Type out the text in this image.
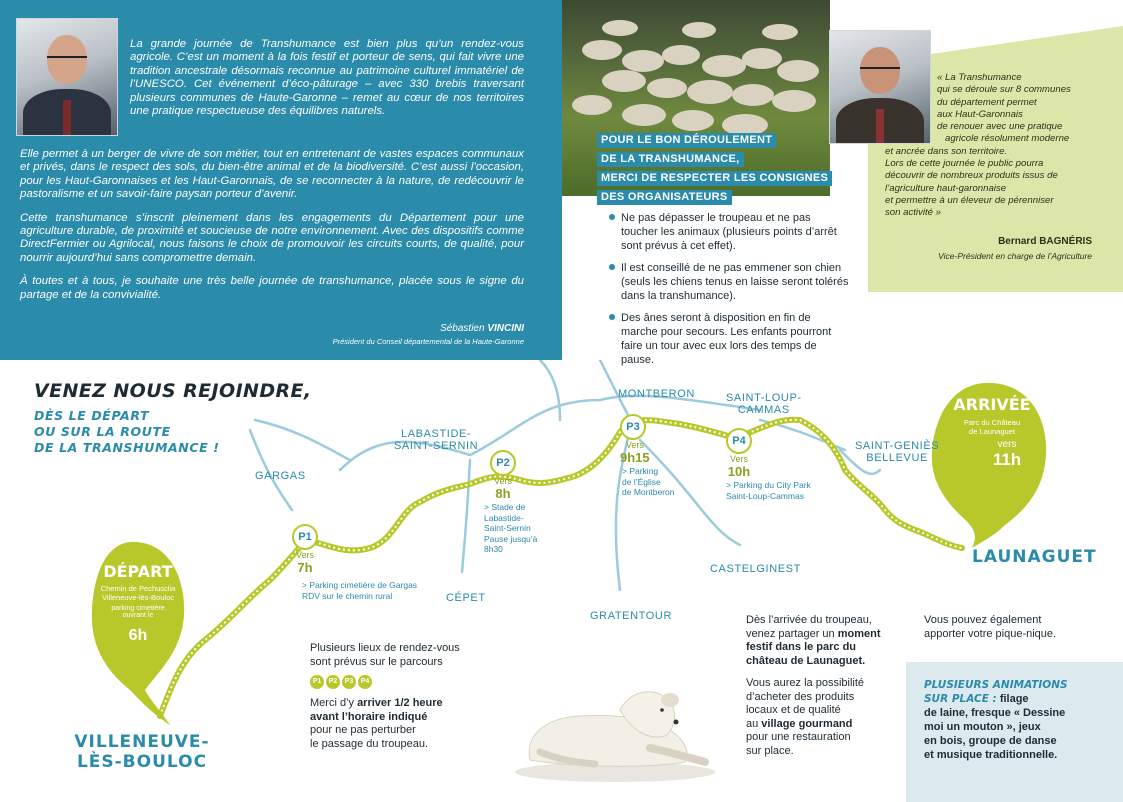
La grande journée de Transhumance est bien plus qu’un rendez-vous agricole. C’est un moment à la fois festif et porteur de sens, qui fait vivre une tradition ancestrale désormais reconnue au patrimoine culturel immatériel de l’UNESCO. Cet événement d’éco-pâturage – avec 330 brebis traversant plusieurs communes de Haute-Garonne – remet au cœur de nos territoires une pratique respectueuse des équilibres naturels.

Elle permet à un berger de vivre de son métier, tout en entretenant de vastes espaces communaux et privés, dans le respect des sols, du bien-être animal et de la biodiversité. C’est aussi l’occasion, pour les Haut-Garonnaises et les Haut-Garonnais, de se reconnecter à la nature, de redécouvrir le pastoralisme et un savoir-faire paysan porteur d’avenir.

Cette transhumance s’inscrit pleinement dans les engagements du Département pour une agriculture durable, de proximité et soucieuse de notre environnement. Avec des dispositifs comme DirectFermier ou Agrilocal, nous faisons le choix de promouvoir les circuits courts, de qualité, pour nourrir aujourd’hui sans compromettre demain.

À toutes et à tous, je souhaite une très belle journée de transhumance, placée sous le signe du partage et de la convivialité.

Sébastien VINCINI
Président du Conseil départemental de la Haute-Garonne
POUR LE BON DÉROULEMENT
DE LA TRANSHUMANCE,
MERCI DE RESPECTER LES CONSIGNES
DES ORGANISATEURS
Ne pas dépasser le troupeau et ne pas toucher les animaux (plusieurs points d’arrêt sont prévus à cet effet).
Il est conseillé de ne pas emmener son chien (seuls les chiens tenus en laisse seront tolérés dans la transhumance).
Des ânes seront à disposition en fin de marche pour secours. Les enfants pourront faire un tour avec eux lors des temps de pause.
« La Transhumance
qui se déroule sur 8 communes
du département permet
aux Haut-Garonnais
de renouer avec une pratique
agricole résolument moderne
et ancrée dans son territoire.
Lors de cette journée le public pourra
découvrir de nombreux produits issus de
l’agriculture haut-garonnaise
et permettre à un éleveur de pérenniser
son activité »
Bernard BAGNÉRIS
Vice-Président en charge de l’Agriculture
VENEZ NOUS REJOINDRE,
DÈS LE DÉPART
OU SUR LA ROUTE
DE LA TRANSHUMANCE !
DÉPART
Chemin de Pechusclia
Villeneuve-lès-Bouloc
parking cimetière
ouvrant le
6h
ARRIVÉE
Parc du Château
de Launaguet
vers
11h
VILLENEUVE-
LÈS-BOULOC
LAUNAGUET
GARGAS
LABASTIDE-
SAINT-SERNIN
MONTBERON	SAINT-LOUP-
CAMMAS
SAINT-GENIÈS
BELLEVUE
CÉPET
GRATENTOUR
CASTELGINEST
P1
Vers
7h
> Parking cimetière de Gargas
RDV sur le chemin rural
P2
Vers
8h
> Stade de
Labastide-
Saint-Sernin
Pause jusqu’à
8h30
P3
Vers
9h15
> Parking
de l’Église
de Montberon
P4
Vers
10h
> Parking du City Park
Saint-Loup-Cammas
Plusieurs lieux de rendez-vous
sont prévus sur le parcours
P1 P2 P3 P4
Merci d’y arriver 1/2 heure
avant l’horaire indiqué
pour ne pas perturber
le passage du troupeau.
Dès l’arrivée du troupeau,
venez partager un moment
festif dans le parc du
château de Launaguet.
Vous aurez la possibilité
d’acheter des produits
locaux et de qualité
au village gourmand
pour une restauration
sur place.
Vous pouvez également
apporter votre pique-nique.
PLUSIEURS ANIMATIONS
SUR PLACE : filage
de laine, fresque « Dessine
moi un mouton », jeux
en bois, groupe de danse
et musique traditionnelle.
